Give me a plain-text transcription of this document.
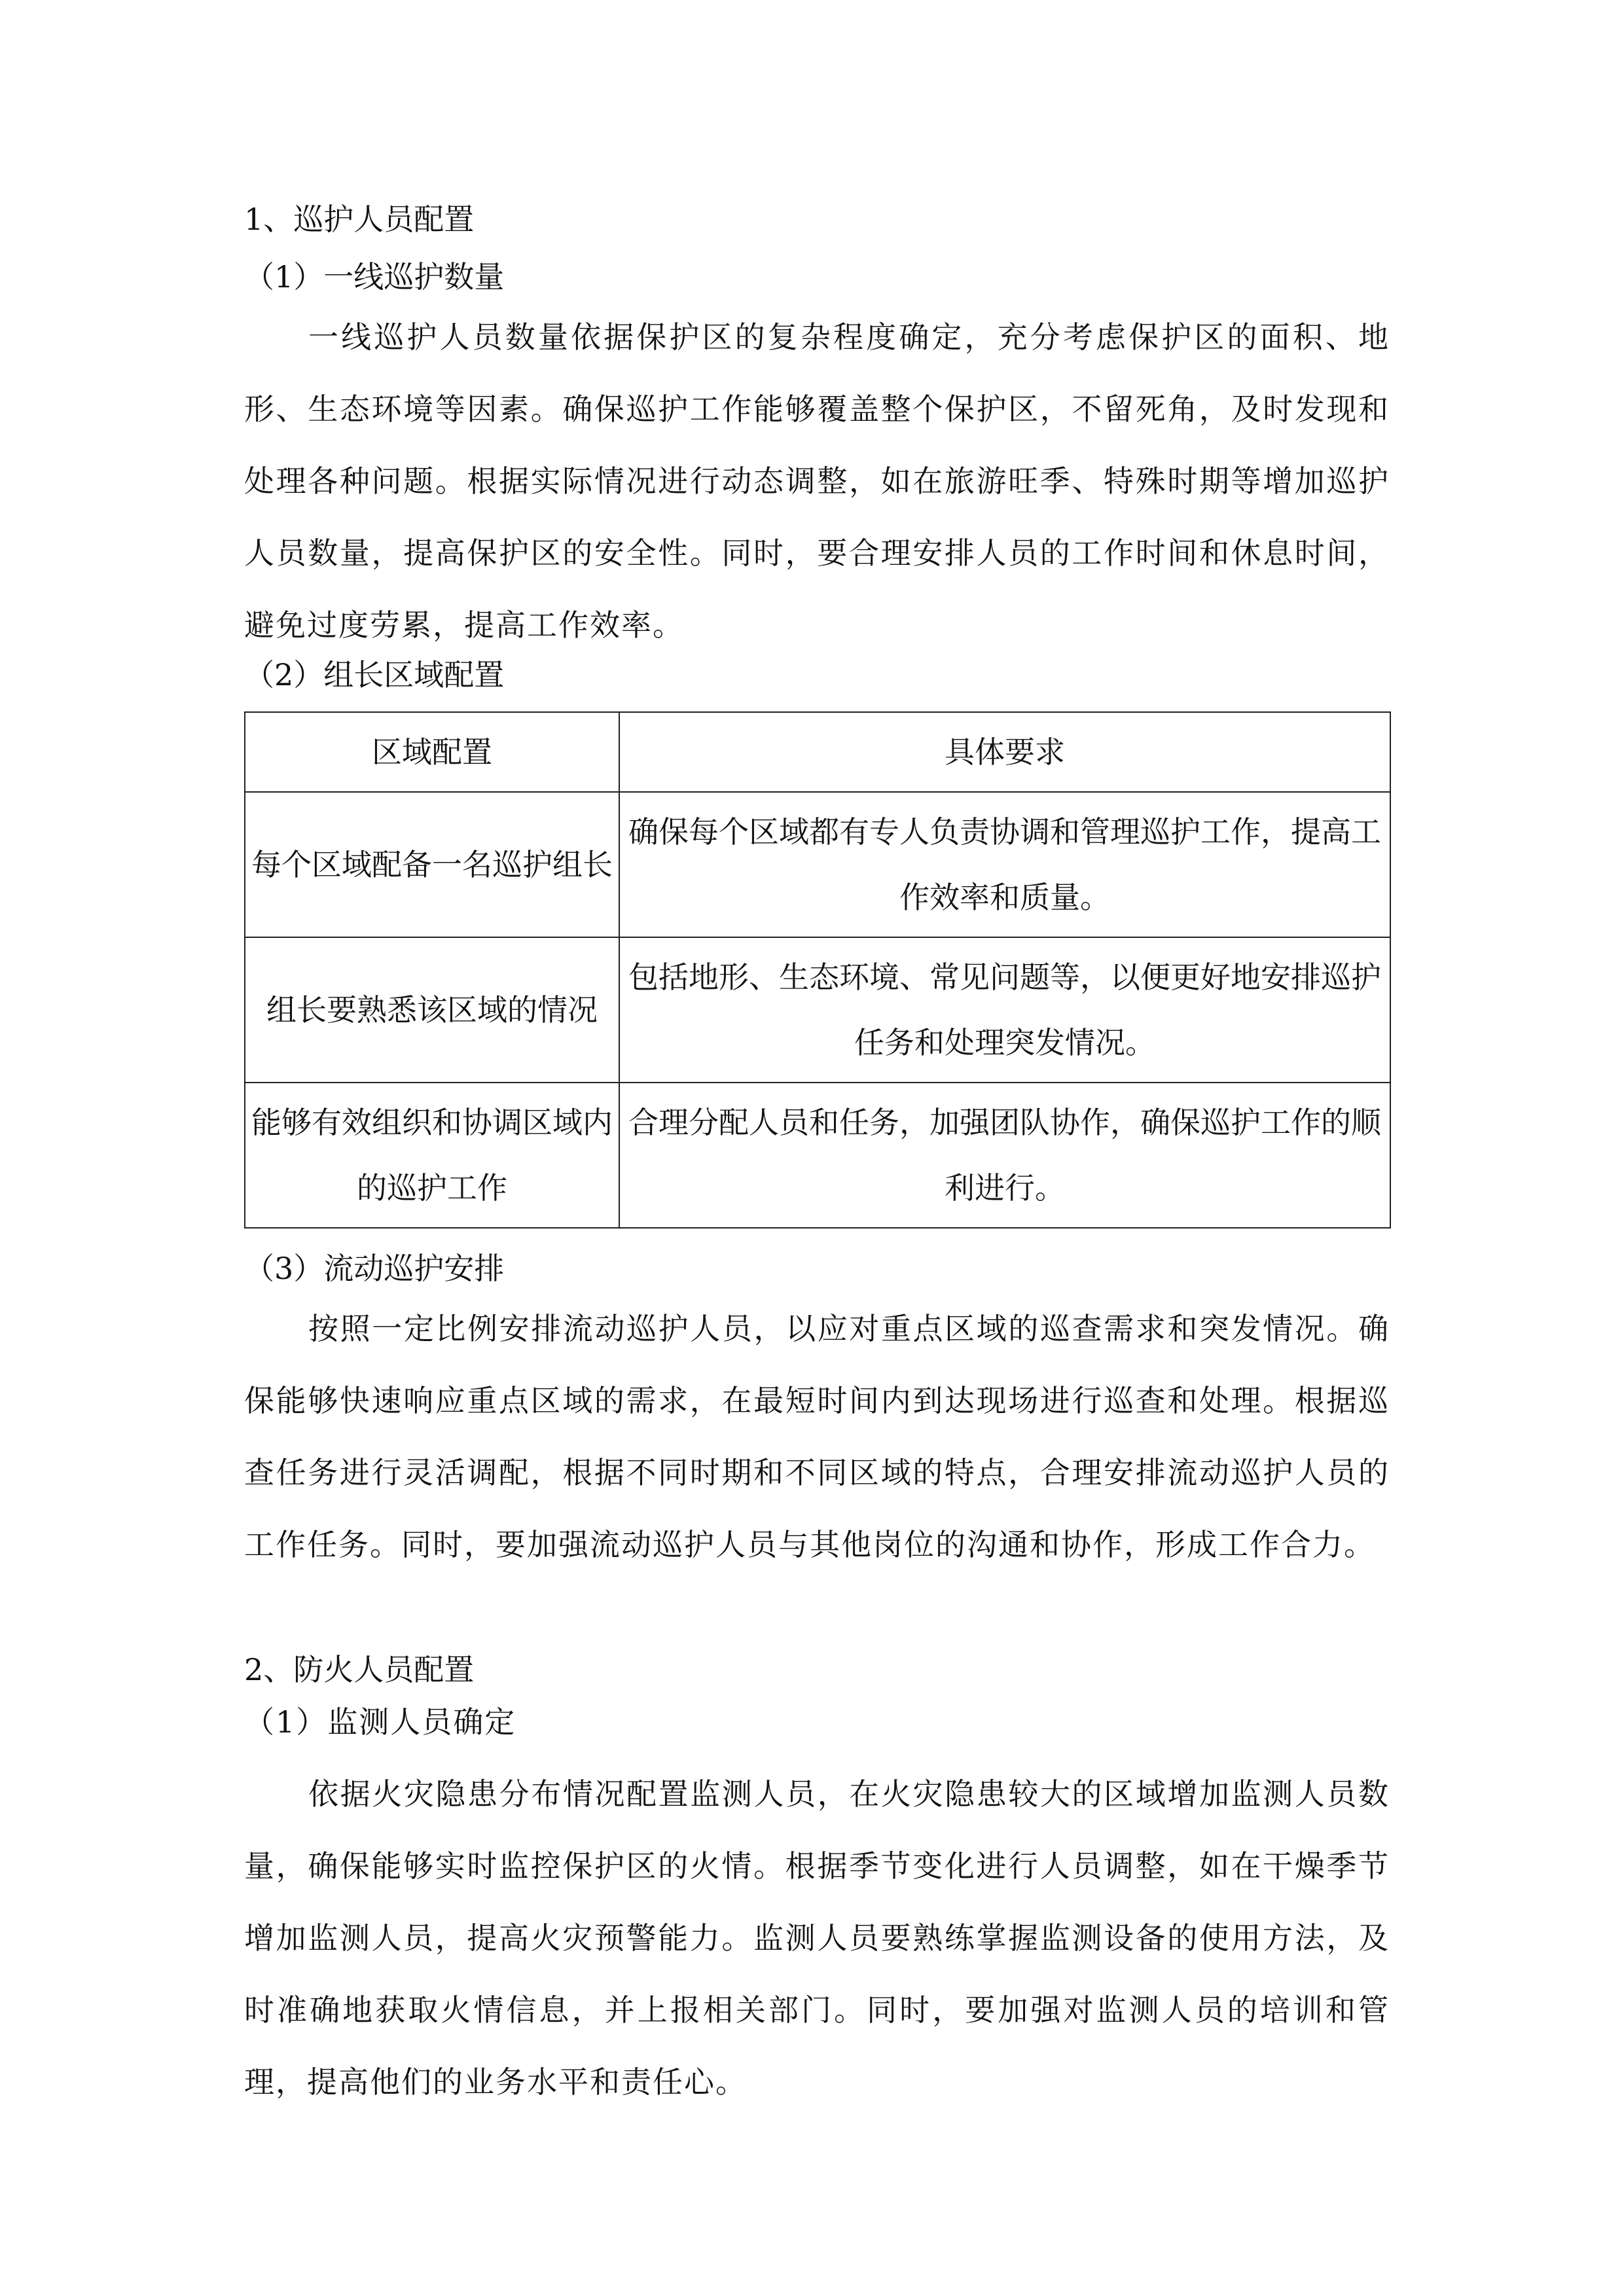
1、巡护人员配置
（1）一线巡护数量
一线巡护人员数量依据保护区的复杂程度确定，充分考虑保护区的面积、地形、生态环境等因素。确保巡护工作能够覆盖整个保护区，不留死角，及时发现和处理各种问题。根据实际情况进行动态调整，如在旅游旺季、特殊时期等增加巡护人员数量，提高保护区的安全性。同时，要合理安排人员的工作时间和休息时间，避免过度劳累，提高工作效率。
（2）组长区域配置
区域配置	具体要求
每个区域配备一名巡护组长	确保每个区域都有专人负责协调和管理巡护工作，提高工作效率和质量。
组长要熟悉该区域的情况	包括地形、生态环境、常见问题等，以便更好地安排巡护任务和处理突发情况。
能够有效组织和协调区域内的巡护工作	合理分配人员和任务，加强团队协作，确保巡护工作的顺利进行。
（3）流动巡护安排
按照一定比例安排流动巡护人员，以应对重点区域的巡查需求和突发情况。确保能够快速响应重点区域的需求，在最短时间内到达现场进行巡查和处理。根据巡查任务进行灵活调配，根据不同时期和不同区域的特点，合理安排流动巡护人员的工作任务。同时，要加强流动巡护人员与其他岗位的沟通和协作，形成工作合力。
2、防火人员配置
（1）监测人员确定
依据火灾隐患分布情况配置监测人员，在火灾隐患较大的区域增加监测人员数量，确保能够实时监控保护区的火情。根据季节变化进行人员调整，如在干燥季节增加监测人员，提高火灾预警能力。监测人员要熟练掌握监测设备的使用方法，及时准确地获取火情信息，并上报相关部门。同时，要加强对监测人员的培训和管理，提高他们的业务水平和责任心。
